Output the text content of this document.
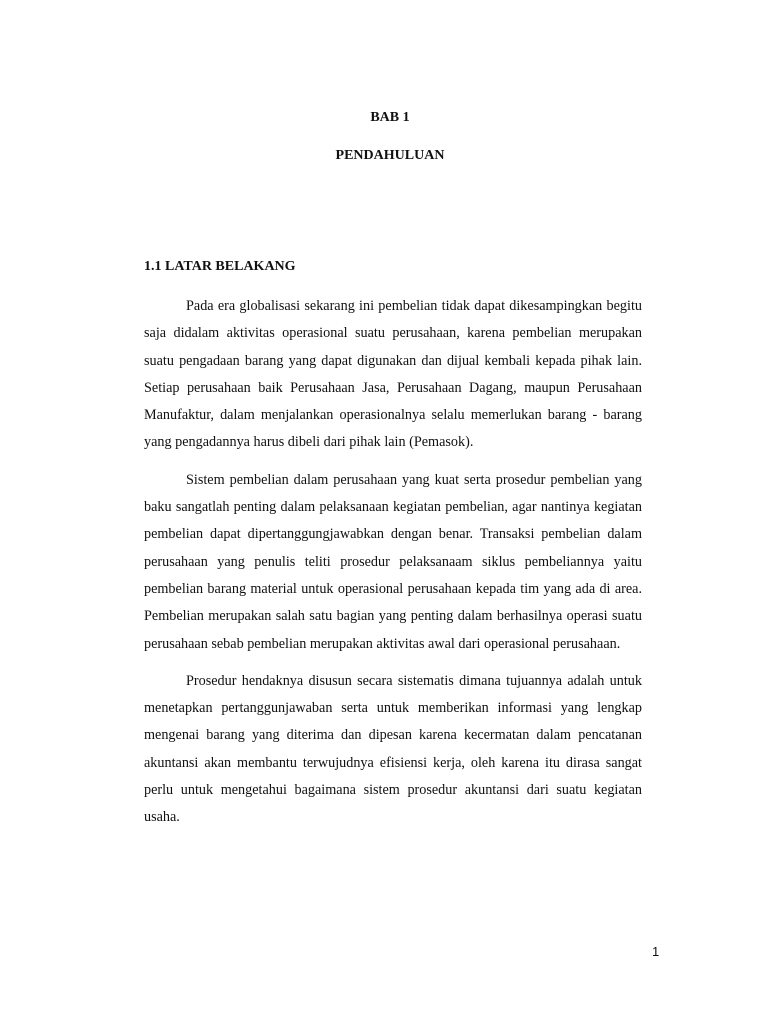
BAB 1
PENDAHULUAN
1.1 LATAR BELAKANG

Pada era globalisasi sekarang ini pembelian tidak dapat dikesampingkan begitu saja didalam aktivitas operasional suatu perusahaan, karena pembelian merupakan suatu pengadaan barang yang dapat digunakan dan dijual kembali kepada pihak lain. Setiap perusahaan baik Perusahaan Jasa, Perusahaan Dagang, maupun Perusahaan Manufaktur, dalam menjalankan operasionalnya selalu memerlukan barang - barang yang pengadannya harus dibeli dari pihak lain (Pemasok).

Sistem pembelian dalam perusahaan yang kuat serta prosedur pembelian yang baku sangatlah penting dalam pelaksanaan kegiatan pembelian, agar nantinya kegiatan pembelian dapat dipertanggungjawabkan dengan benar. Transaksi pembelian dalam perusahaan yang penulis teliti prosedur pelaksanaam siklus pembeliannya yaitu pembelian barang material untuk operasional perusahaan kepada tim yang ada di area. Pembelian merupakan salah satu bagian yang penting dalam berhasilnya operasi suatu perusahaan sebab pembelian merupakan aktivitas awal dari operasional perusahaan.

Prosedur hendaknya disusun secara sistematis dimana tujuannya adalah untuk menetapkan pertanggunjawaban serta untuk memberikan informasi yang lengkap mengenai barang yang diterima dan dipesan karena kecermatan dalam pencatanan akuntansi akan membantu terwujudnya efisiensi kerja, oleh karena itu dirasa sangat perlu untuk mengetahui bagaimana sistem prosedur akuntansi dari suatu kegiatan usaha.

1
